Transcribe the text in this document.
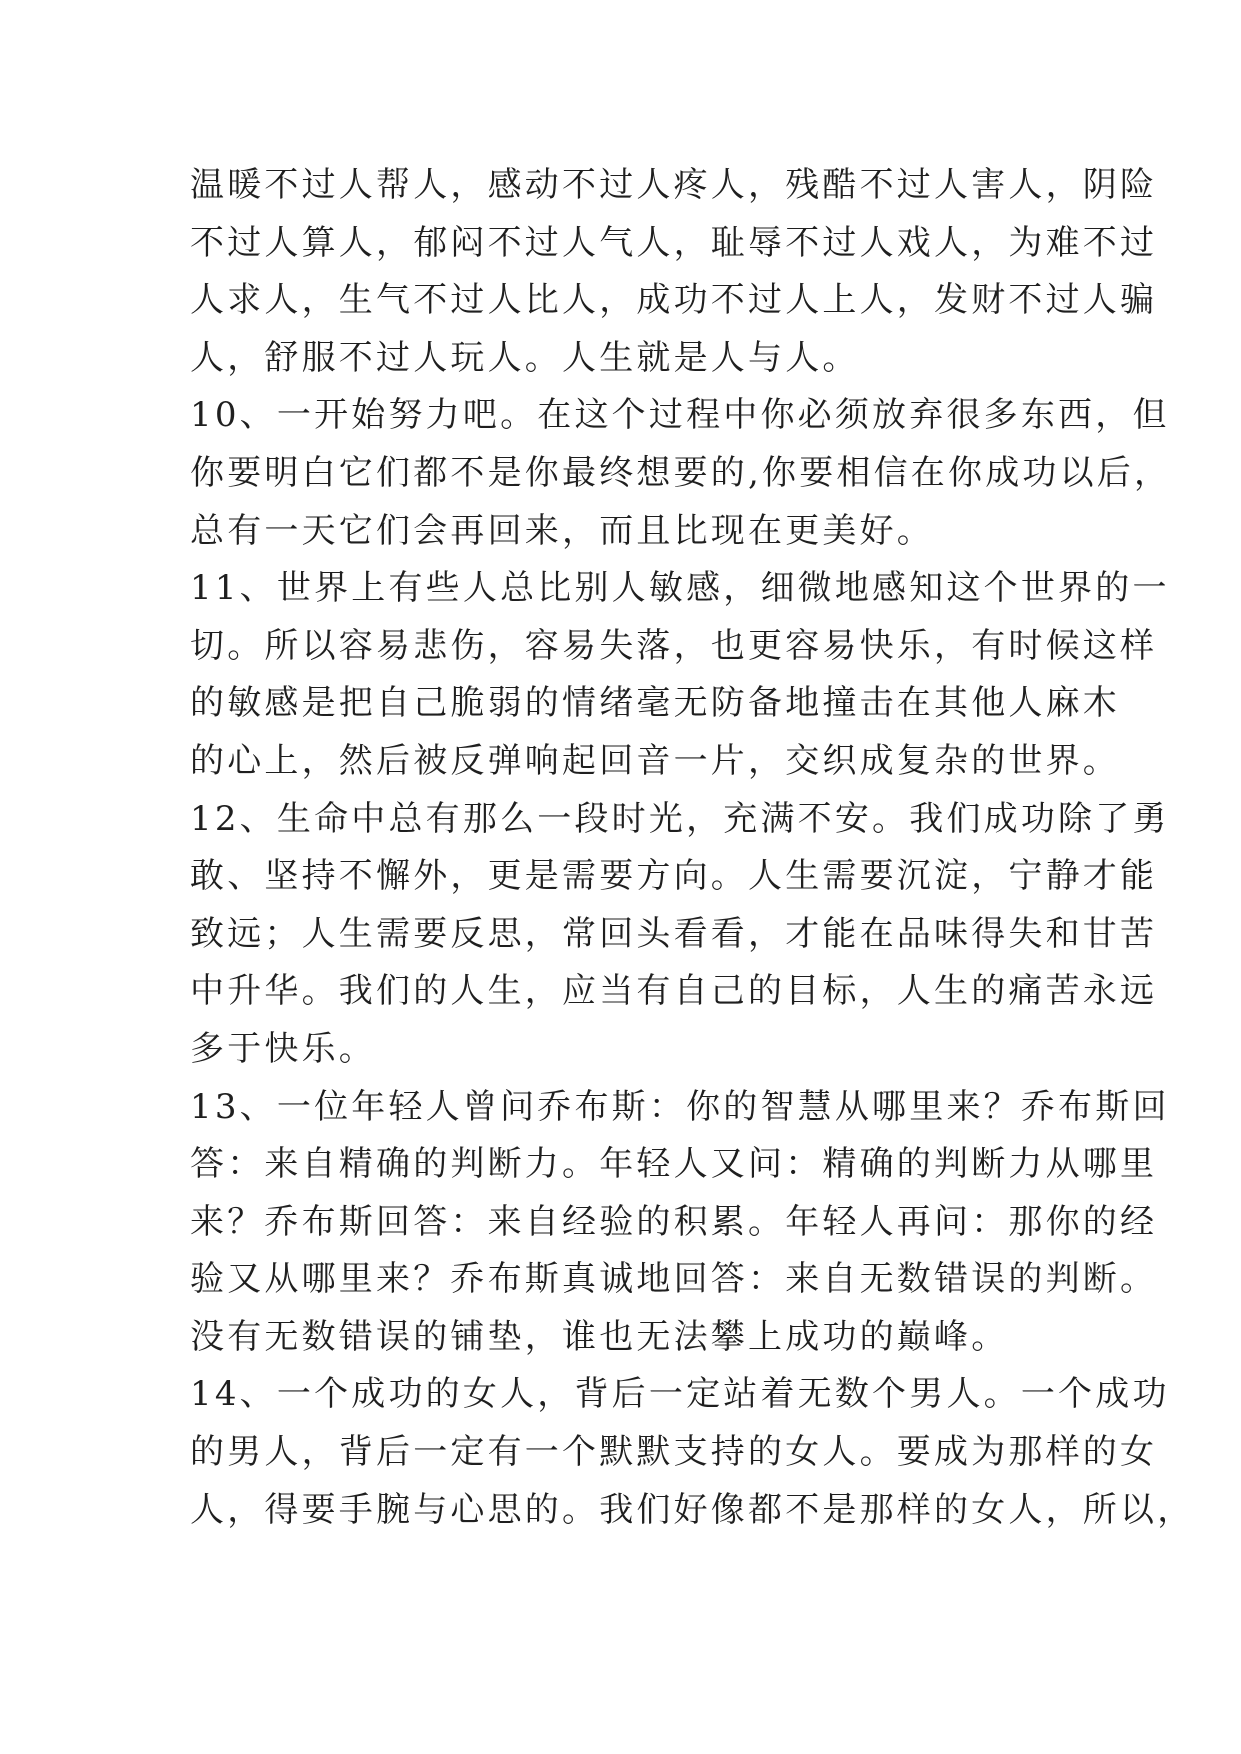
温暖不过人帮人，感动不过人疼人，残酷不过人害人，阴险
不过人算人，郁闷不过人气人，耻辱不过人戏人，为难不过
人求人，生气不过人比人，成功不过人上人，发财不过人骗
人，舒服不过人玩人。人生就是人与人。
10、一开始努力吧。在这个过程中你必须放弃很多东西，但
你要明白它们都不是你最终想要的,你要相信在你成功以后，
总有一天它们会再回来，而且比现在更美好。
11、世界上有些人总比别人敏感，细微地感知这个世界的一
切。所以容易悲伤，容易失落，也更容易快乐，有时候这样
的敏感是把自己脆弱的情绪毫无防备地撞击在其他人麻木
的心上，然后被反弹响起回音一片，交织成复杂的世界。
12、生命中总有那么一段时光，充满不安。我们成功除了勇
敢、坚持不懈外，更是需要方向。人生需要沉淀，宁静才能
致远；人生需要反思，常回头看看，才能在品味得失和甘苦
中升华。我们的人生，应当有自己的目标，人生的痛苦永远
多于快乐。
13、一位年轻人曾问乔布斯：你的智慧从哪里来？乔布斯回
答：来自精确的判断力。年轻人又问：精确的判断力从哪里
来？乔布斯回答：来自经验的积累。年轻人再问：那你的经
验又从哪里来？乔布斯真诚地回答：来自无数错误的判断。
没有无数错误的铺垫，谁也无法攀上成功的巅峰。
14、一个成功的女人，背后一定站着无数个男人。一个成功
的男人，背后一定有一个默默支持的女人。要成为那样的女
人，得要手腕与心思的。我们好像都不是那样的女人，所以，
